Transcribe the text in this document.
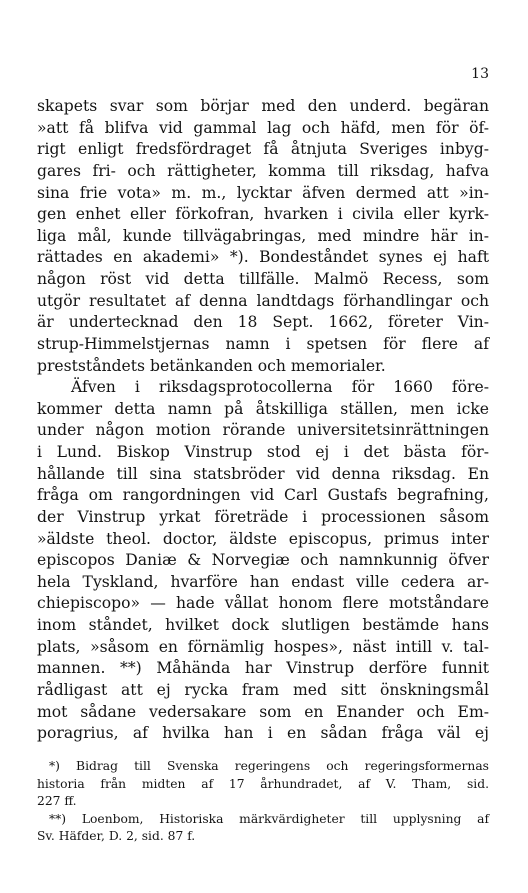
13
skapets svar som börjar med den underd. begäran
»att få blifva vid gammal lag och häfd, men för öf-
rigt enligt fredsfördraget få åtnjuta Sveriges inbyg-
gares fri- och rättigheter, komma till riksdag, hafva
sina frie vota» m. m., lycktar äfven dermed att »in-
gen enhet eller förkofran, hvarken i civila eller kyrk-
liga mål, kunde tillvägabringas, med mindre här in-
rättades en akademi» *). Bondeståndet synes ej haft
någon röst vid detta tillfälle. Malmö Recess, som
utgör resultatet af denna landtdags förhandlingar och
är undertecknad den 18 Sept. 1662, företer Vin-
strup-Himmelstjernas namn i spetsen för flere af
prestståndets betänkanden och memorialer.
Äfven i riksdagsprotocollerna för 1660 före-
kommer detta namn på åtskilliga ställen, men icke
under någon motion rörande universitetsinrättningen
i Lund. Biskop Vinstrup stod ej i det bästa för-
hållande till sina statsbröder vid denna riksdag. En
fråga om rangordningen vid Carl Gustafs begrafning,
der Vinstrup yrkat företräde i processionen såsom
»äldste theol. doctor, äldste episcopus, primus inter
episcopos Daniæ & Norvegiæ och namnkunnig öfver
hela Tyskland, hvarföre han endast ville cedera ar-
chiepiscopo» — hade vållat honom flere motståndare
inom ståndet, hvilket dock slutligen bestämde hans
plats, »såsom en förnämlig hospes», näst intill v. tal-
mannen. **) Måhända har Vinstrup derföre funnit
rådligast att ej rycka fram med sitt önskningsmål
mot sådane vedersakare som en Enander och Em-
poragrius, af hvilka han i en sådan fråga väl ej
*) Bidrag till Svenska regeringens och regeringsformernas
historia från midten af 17 århundradet, af V. Tham, sid.
227 ff.
**) Loenbom, Historiska märkvärdigheter till upplysning af
Sv. Häfder, D. 2, sid. 87 f.
